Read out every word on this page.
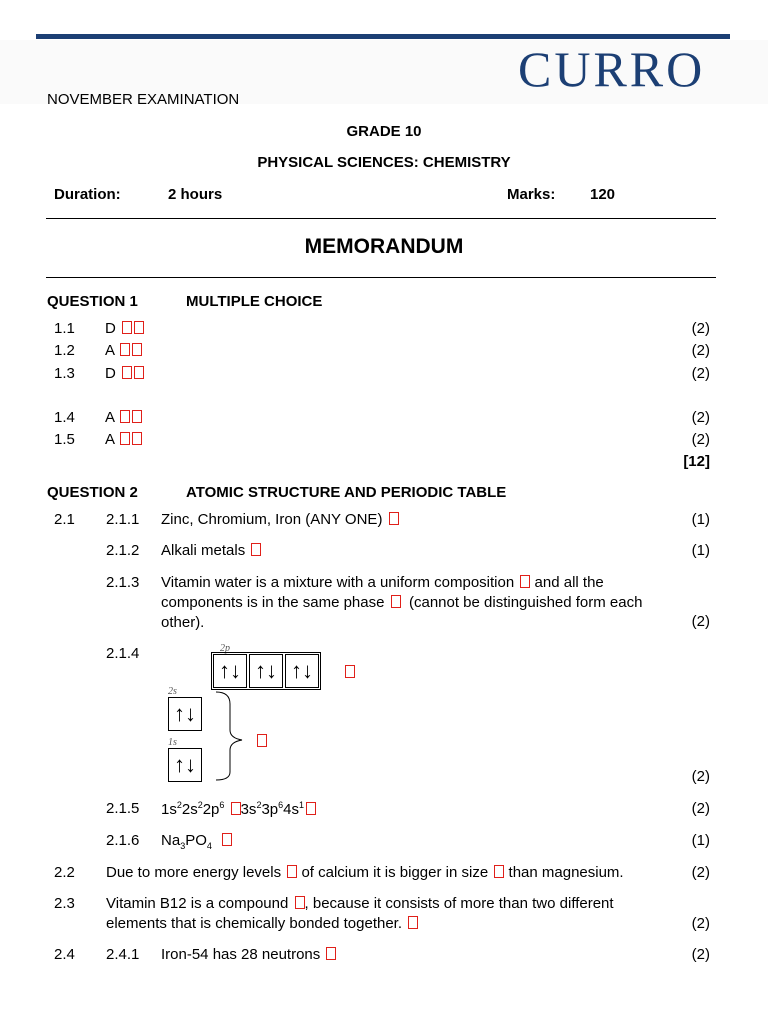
CURRO
NOVEMBER EXAMINATION
GRADE 10
PHYSICAL SCIENCES: CHEMISTRY
Duration:	2 hours	Marks: 120
MEMORANDUM
QUESTION 1	MULTIPLE CHOICE
1.1 D	(2)
1.2 A	(2)
1.3 D	(2)
1.4 A	(2)
1.5 A	(2)
[12]
QUESTION 2	ATOMIC STRUCTURE AND PERIODIC TABLE
2.1 2.1.1 Zinc, Chromium, Iron (ANY ONE)	(1)
2.1.2 Alkali metals	(1)
2.1.3 Vitamin water is a mixture with a uniform composition and all the components is in the same phase (cannot be distinguished form each other).	(2)
2.1.4	2p
↑↓ ↑↓ ↑↓
2s
↑↓
1s
↑↓	(2)
2.1.5 $1s^22s^22p^6$ $3s^23p^64s^1$	(2)
2.1.6 $Na_3PO_4$	(1)
2.2 Due to more energy levels of calcium it is bigger in size than magnesium.	(2)
2.3 Vitamin B12 is a compound , because it consists of more than two different elements that is chemically bonded together.	(2)
2.4 2.4.1 Iron-54 has 28 neutrons	(2)
